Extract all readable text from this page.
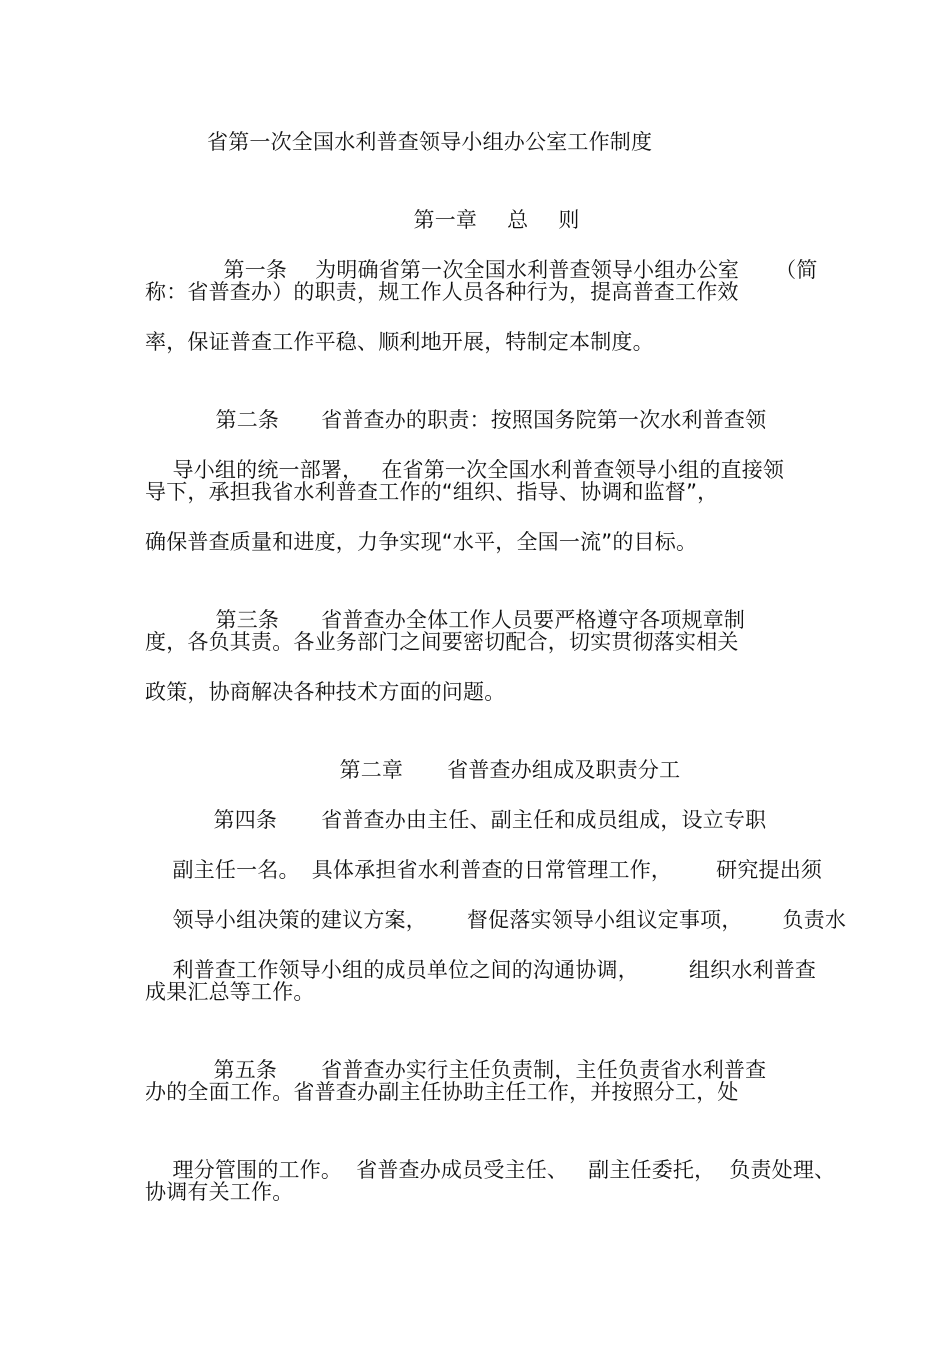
省第一次全国水利普查领导小组办公室工作制度

第一章 总 则

第一条 为明确省第一次全国水利普查领导小组办公室 （简

称：省普查办）的职责，规工作人员各种行为，提高普查工作效
率，保证普查工作平稳、顺利地开展，特制定本制度。

第二条 省普查办的职责：按照国务院第一次水利普查领

导小组的统一部署， 在省第一次全国水利普查领导小组的直接领

导下，承担我省水利普查工作的“组织、指导、协调和监督”，
确保普查质量和进度，力争实现“水平，全国一流”的目标。

第三条 省普查办全体工作人员要严格遵守各项规章制

度，各负其责。各业务部门之间要密切配合，切实贯彻落实相关
政策，协商解决各种技术方面的问题。

第二章 省普查办组成及职责分工

第四条 省普查办由主任、副主任和成员组成，设立专职

副主任一名。 具体承担省水利普查的日常管理工作， 研究提出须

领导小组决策的建议方案， 督促落实领导小组议定事项， 负责水

利普查工作领导小组的成员单位之间的沟通协调， 组织水利普查

成果汇总等工作。

第五条 省普查办实行主任负责制，主任负责省水利普查

办的全面工作。省普查办副主任协助主任工作，并按照分工，处

理分管围的工作。 省普查办成员受主任、 副主任委托， 负责处理、

协调有关工作。
